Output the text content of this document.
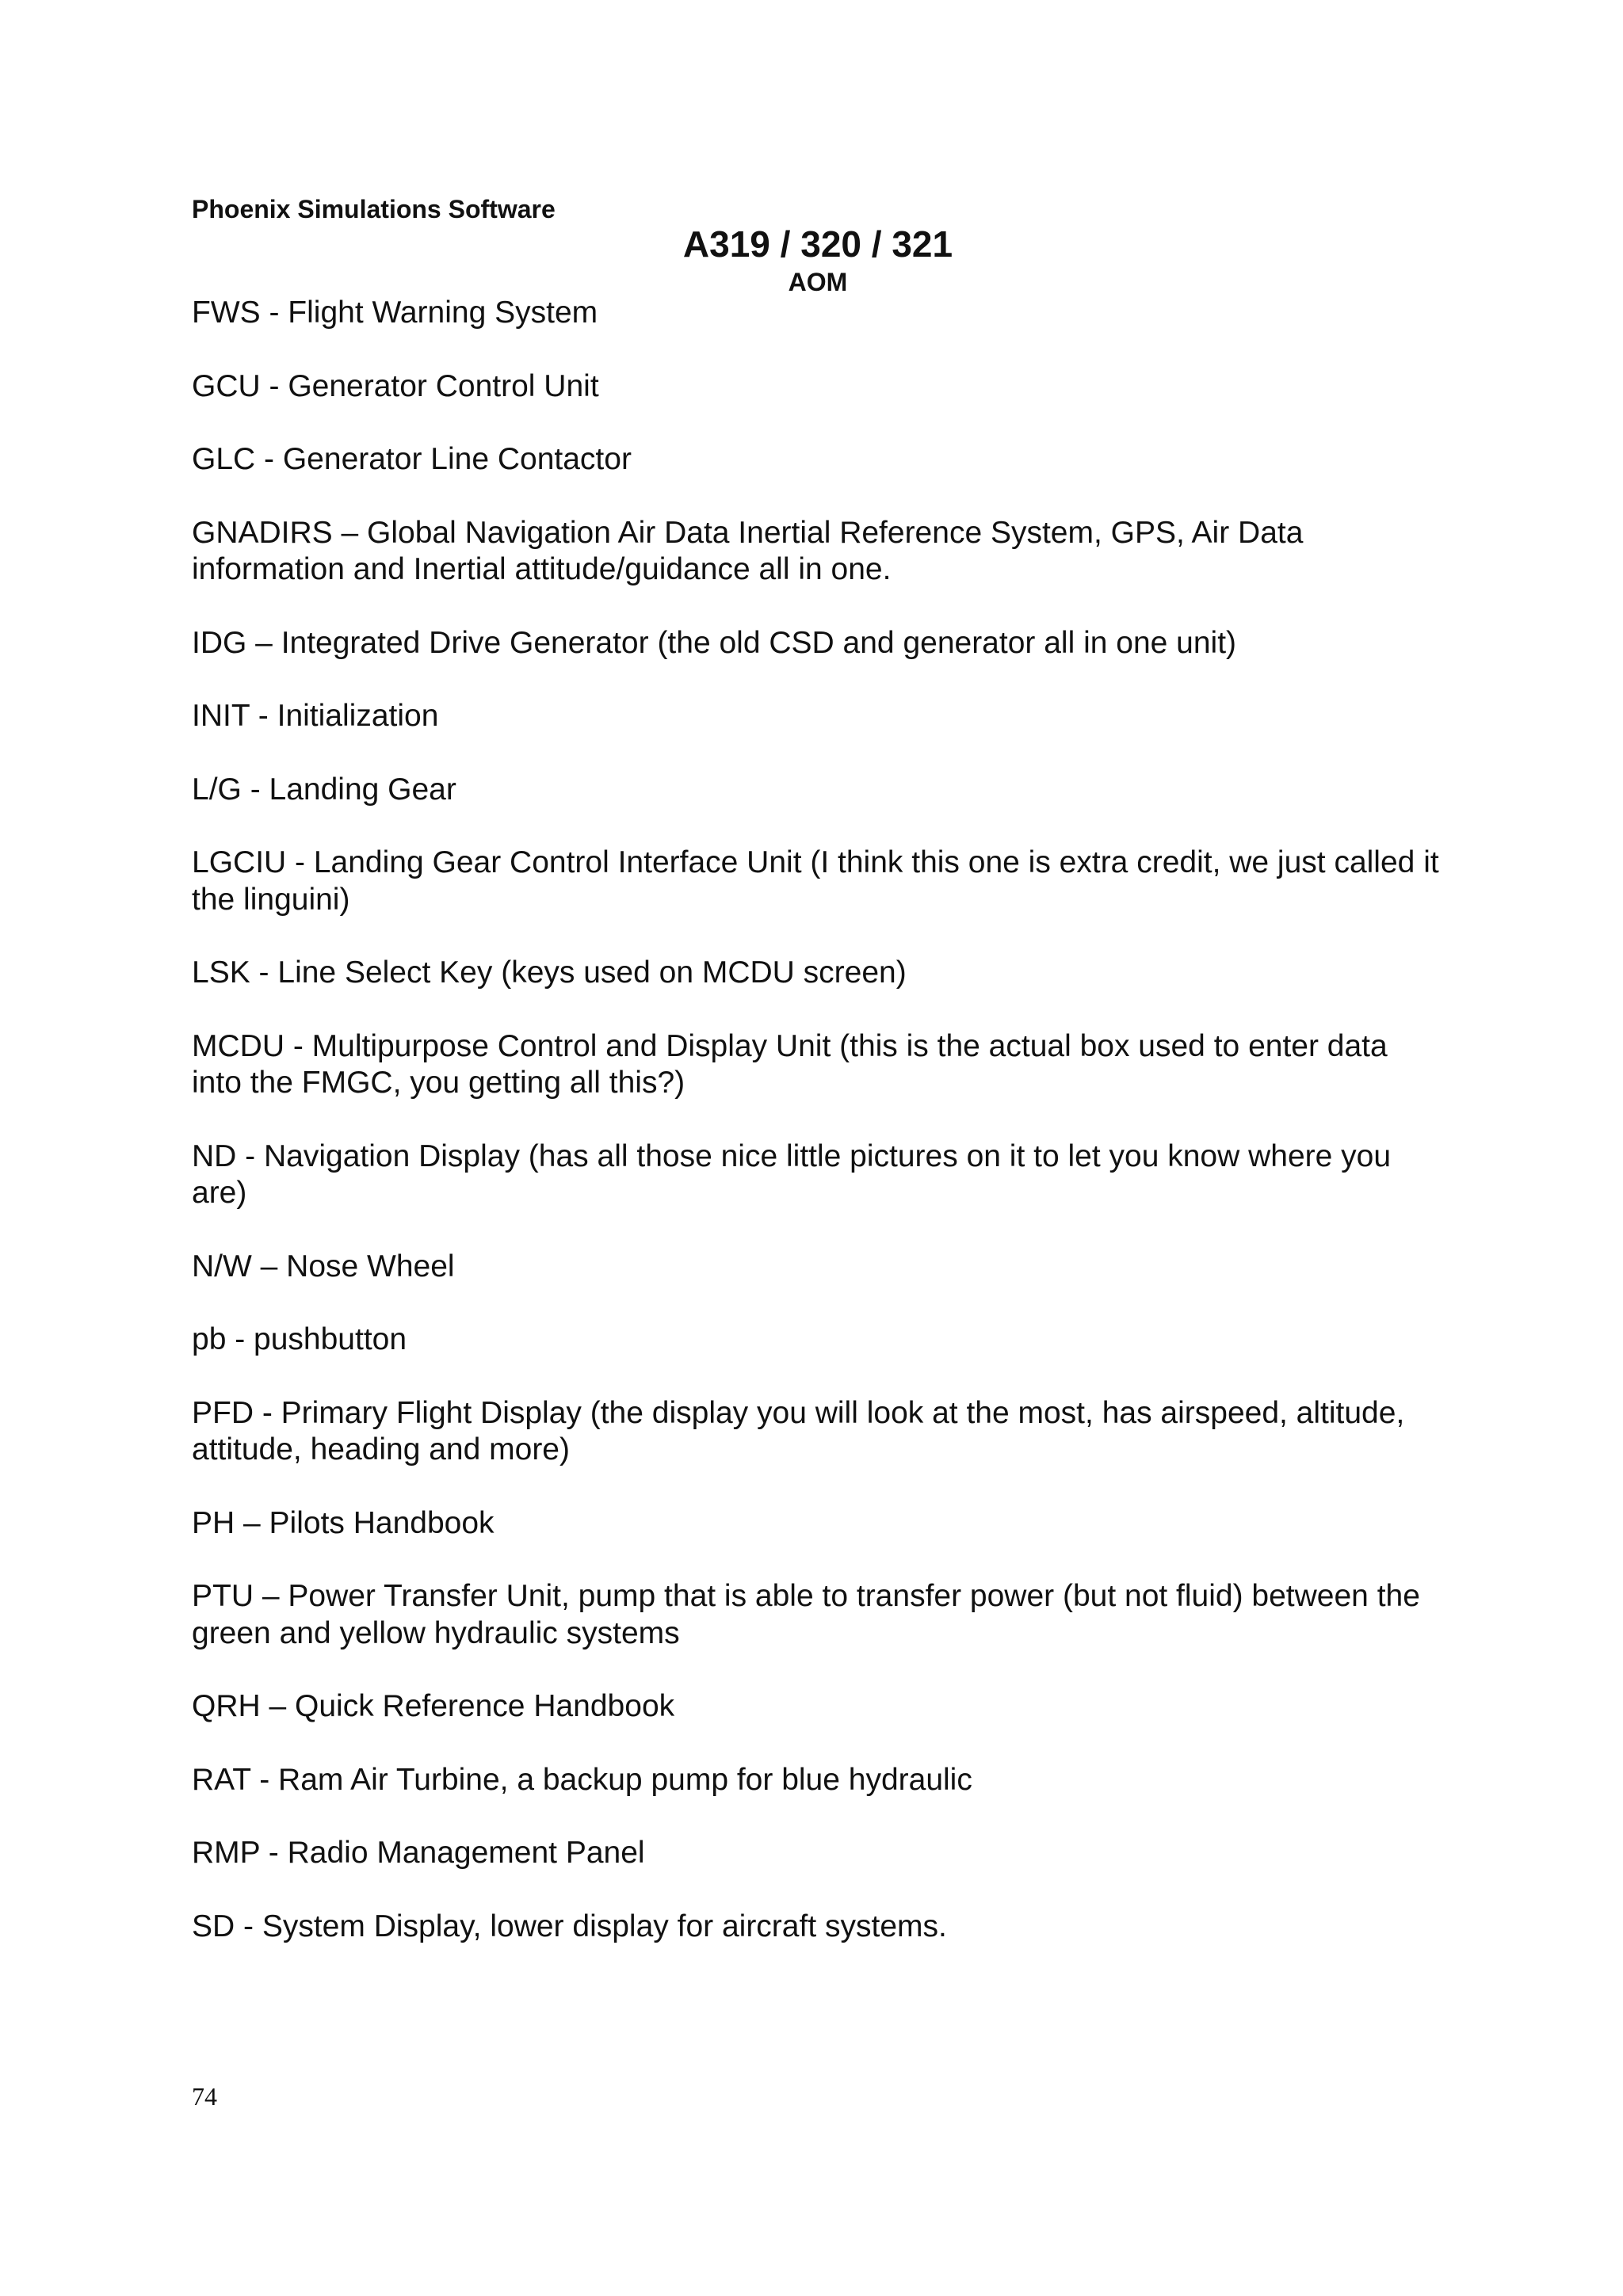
Phoenix Simulations Software
A319 / 320 / 321
AOM
FWS - Flight Warning System
GCU - Generator Control Unit
GLC - Generator Line Contactor
GNADIRS – Global Navigation Air Data Inertial Reference System, GPS, Air Data information and Inertial attitude/guidance all in one.
IDG – Integrated Drive Generator (the old CSD and generator all in one unit)
INIT - Initialization
L/G - Landing Gear
LGCIU - Landing Gear Control Interface Unit (I think this one is extra credit, we just called it the linguini)
LSK - Line Select Key (keys used on MCDU screen)
MCDU - Multipurpose Control and Display Unit (this is the actual box used to enter data into the FMGC, you getting all this?)
ND - Navigation Display (has all those nice little pictures on it to let you know where you are)
N/W – Nose Wheel
pb - pushbutton
PFD - Primary Flight Display (the display you will look at the most, has airspeed, altitude, attitude, heading and more)
PH – Pilots Handbook
PTU – Power Transfer Unit, pump that is able to transfer power (but not fluid) between the green and yellow hydraulic systems
QRH – Quick Reference Handbook
RAT - Ram Air Turbine, a backup pump for blue hydraulic
RMP - Radio Management Panel
SD - System Display, lower display for aircraft systems.
74
